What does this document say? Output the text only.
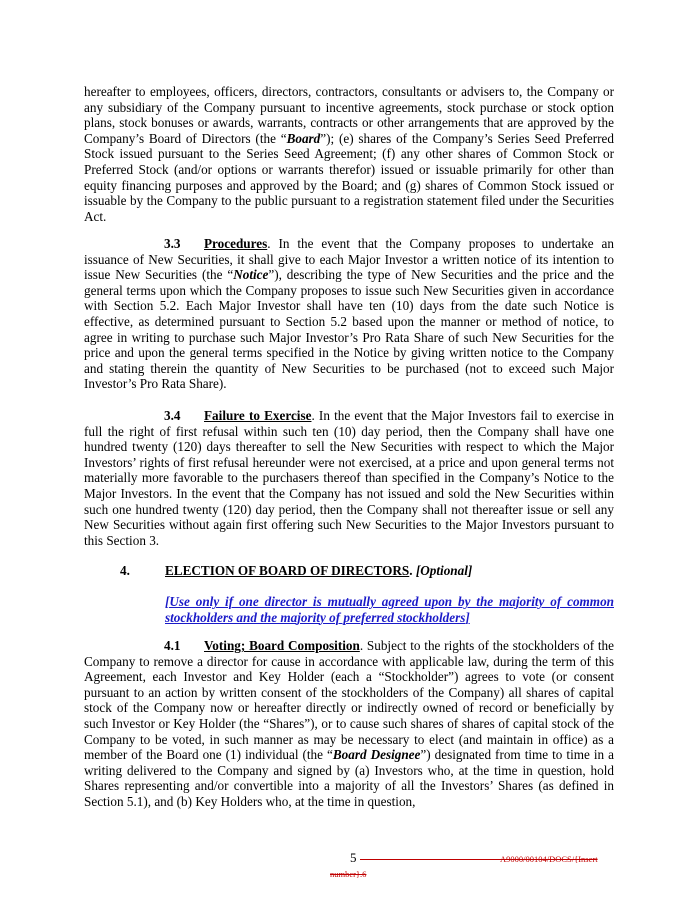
hereafter to employees, officers, directors, contractors, consultants or advisers to, the Company or any subsidiary of the Company pursuant to incentive agreements, stock purchase or stock option plans, stock bonuses or awards, warrants, contracts or other arrangements that are approved by the Company’s Board of Directors (the “Board”); (e) shares of the Company’s Series Seed Preferred Stock issued pursuant to the Series Seed Agreement; (f) any other shares of Common Stock or Preferred Stock (and/or options or warrants therefor) issued or issuable primarily for other than equity financing purposes and approved by the Board; and (g) shares of Common Stock issued or issuable by the Company to the public pursuant to a registration statement filed under the Securities Act.
3.3 Procedures. In the event that the Company proposes to undertake an issuance of New Securities, it shall give to each Major Investor a written notice of its intention to issue New Securities (the “Notice”), describing the type of New Securities and the price and the general terms upon which the Company proposes to issue such New Securities given in accordance with Section 5.2. Each Major Investor shall have ten (10) days from the date such Notice is effective, as determined pursuant to Section 5.2 based upon the manner or method of notice, to agree in writing to purchase such Major Investor’s Pro Rata Share of such New Securities for the price and upon the general terms specified in the Notice by giving written notice to the Company and stating therein the quantity of New Securities to be purchased (not to exceed such Major Investor’s Pro Rata Share).
3.4 Failure to Exercise. In the event that the Major Investors fail to exercise in full the right of first refusal within such ten (10) day period, then the Company shall have one hundred twenty (120) days thereafter to sell the New Securities with respect to which the Major Investors’ rights of first refusal hereunder were not exercised, at a price and upon general terms not materially more favorable to the purchasers thereof than specified in the Company’s Notice to the Major Investors. In the event that the Company has not issued and sold the New Securities within such one hundred twenty (120) day period, then the Company shall not thereafter issue or sell any New Securities without again first offering such New Securities to the Major Investors pursuant to this Section 3.
4.	ELECTION OF BOARD OF DIRECTORS. [Optional]
[Use only if one director is mutually agreed upon by the majority of common stockholders and the majority of preferred stockholders]
4.1 Voting; Board Composition. Subject to the rights of the stockholders of the Company to remove a director for cause in accordance with applicable law, during the term of this Agreement, each Investor and Key Holder (each a “Stockholder”) agrees to vote (or consent pursuant to an action by written consent of the stockholders of the Company) all shares of capital stock of the Company now or hereafter directly or indirectly owned of record or beneficially by such Investor or Key Holder (the “Shares”), or to cause such shares of shares of capital stock of the Company to be voted, in such manner as may be necessary to elect (and maintain in office) as a member of the Board one (1) individual (the “Board Designee”) designated from time to time in a writing delivered to the Company and signed by (a) Investors who, at the time in question, hold Shares representing and/or convertible into a majority of all the Investors’ Shares (as defined in Section 5.1), and (b) Key Holders who, at the time in question,
5	A9000/00104/DOCS/{Insert
number}.6
